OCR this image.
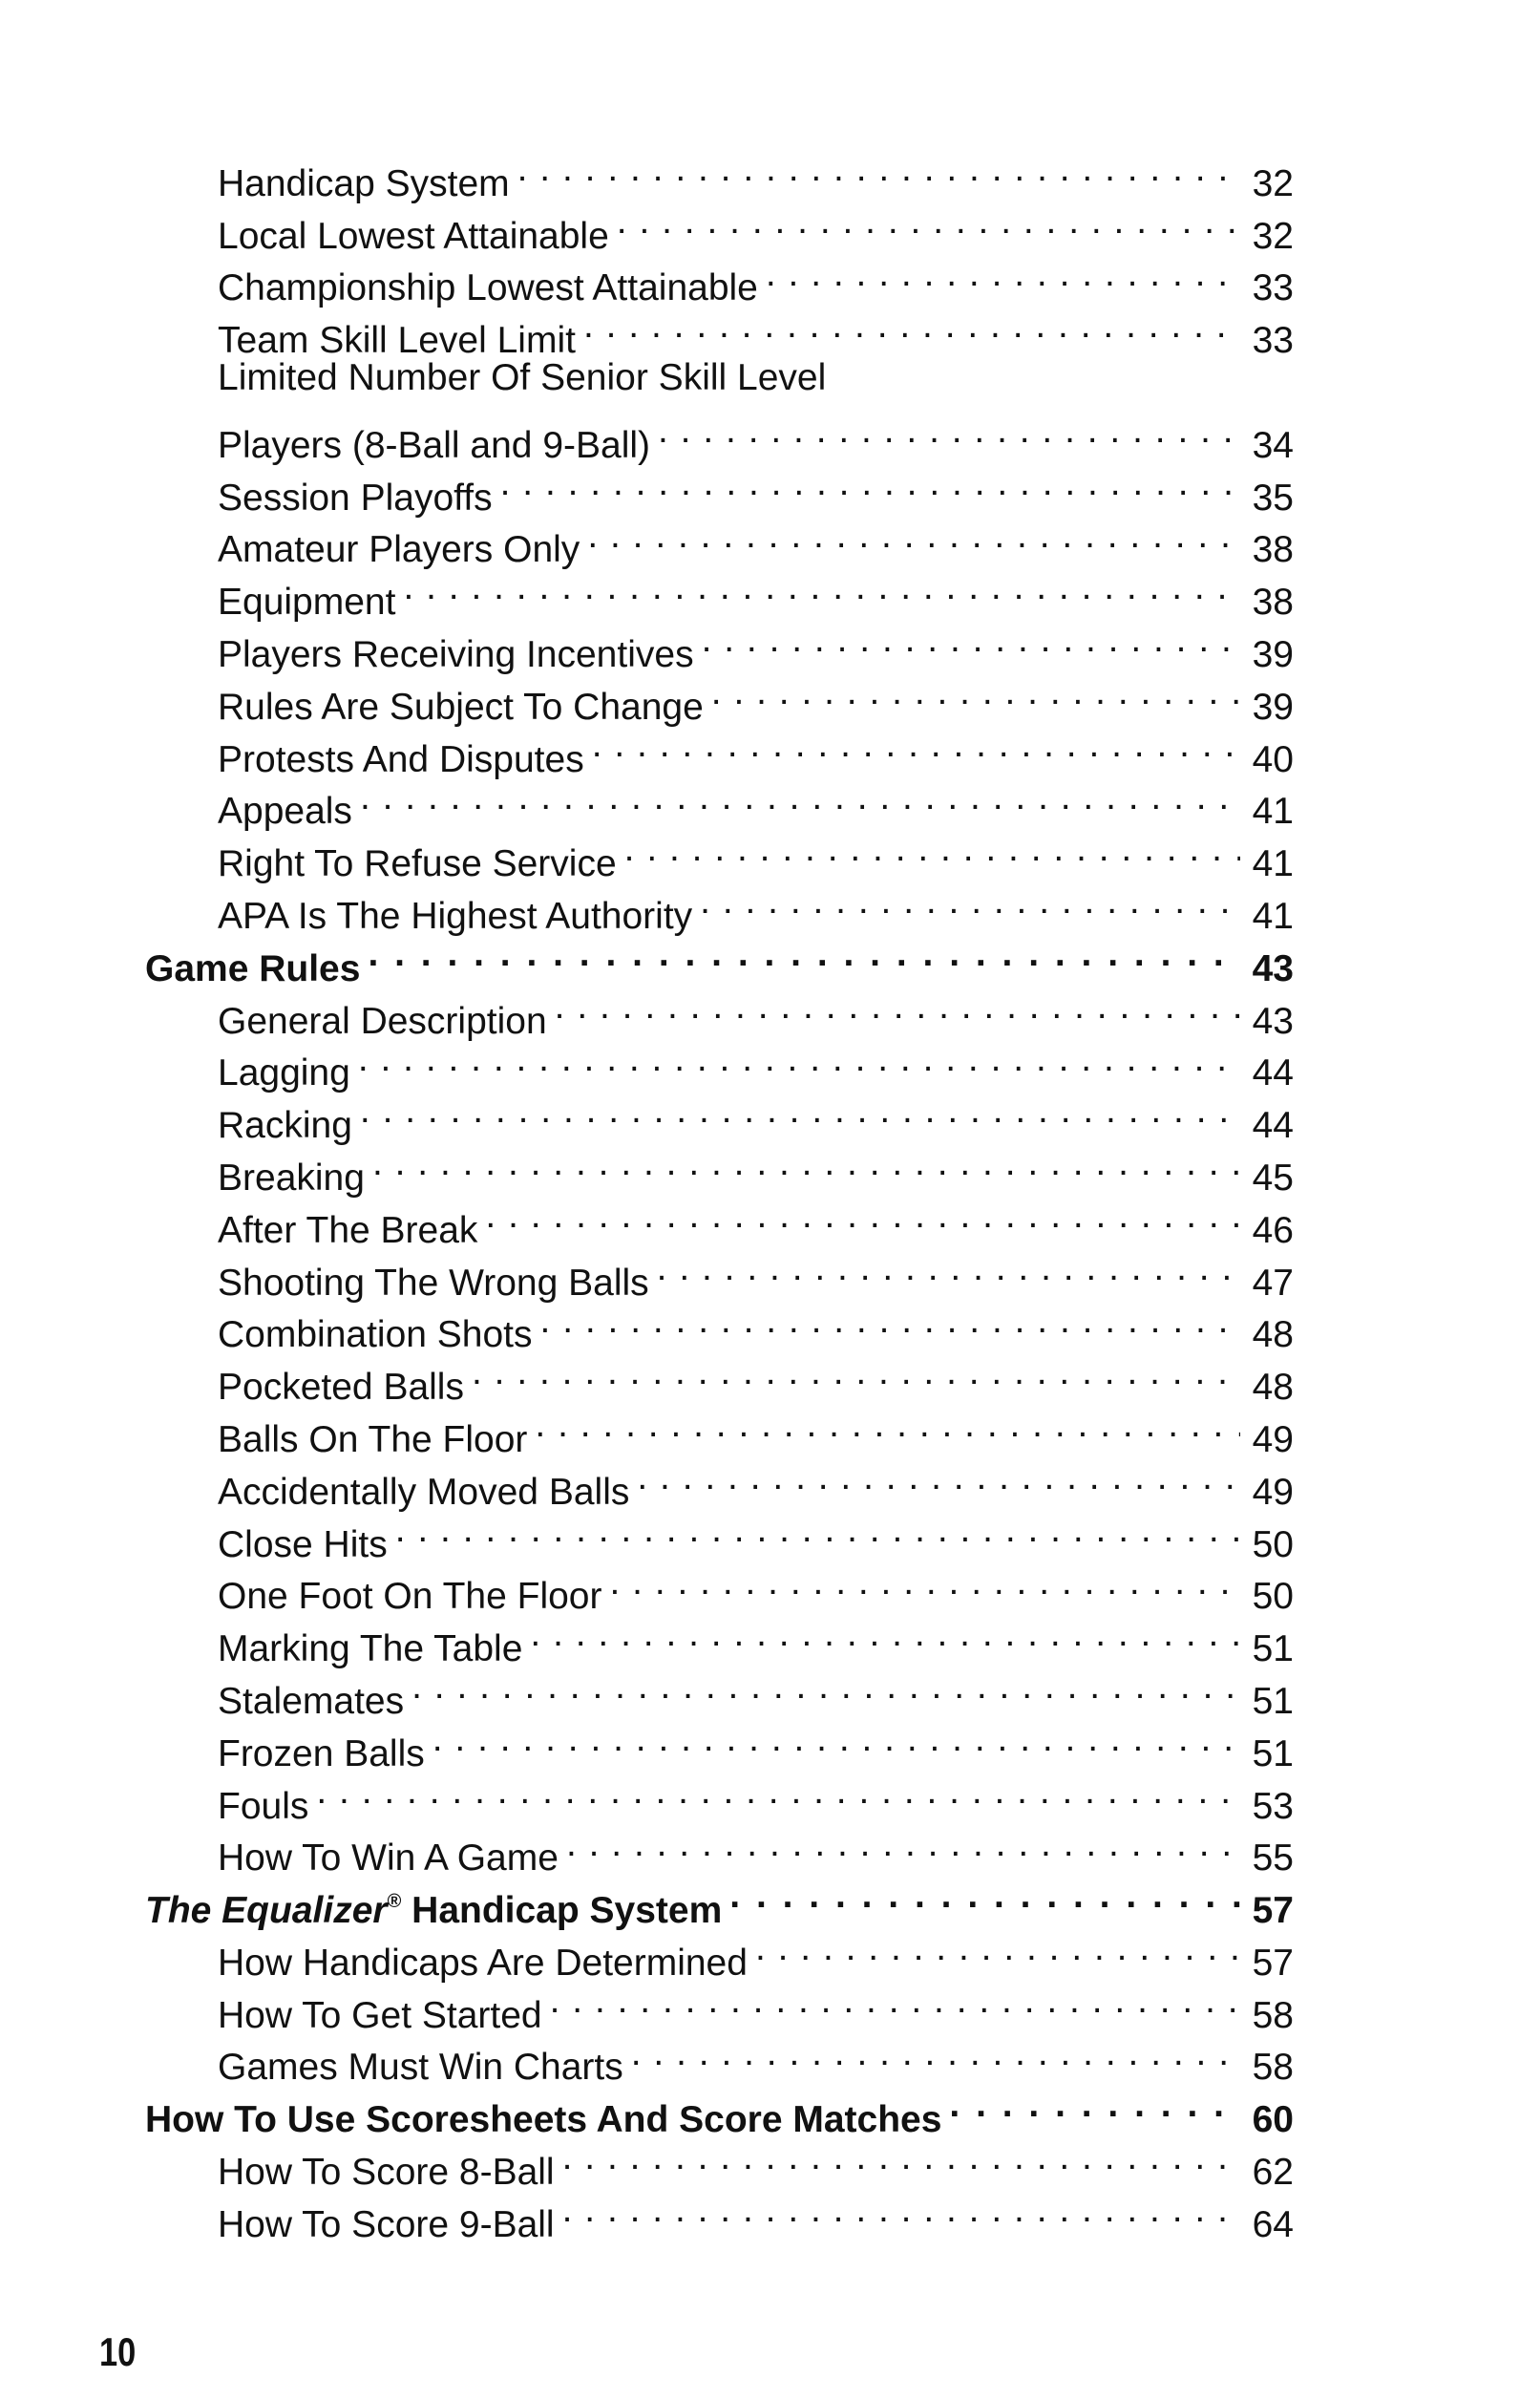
Handicap System . . .	32
Local Lowest Attainable . . .	32
Championship Lowest Attainable . . .	33
Team Skill Level Limit . . .	33
Limited Number Of Senior Skill Level
Players (8-Ball and 9-Ball) . . .	34
Session Playoffs . . .	35
Amateur Players Only . . .	38
Equipment . . .	38
Players Receiving Incentives . . .	39
Rules Are Subject To Change . . .	39
Protests And Disputes . . .	40
Appeals . . .	41
Right To Refuse Service . . .	41
APA Is The Highest Authority . . .	41
Game Rules . . .	43
General Description . . .	43
Lagging . . .	44
Racking . . .	44
Breaking . . .	45
After The Break . . .	46
Shooting The Wrong Balls . . .	47
Combination Shots . . .	48
Pocketed Balls . . .	48
Balls On The Floor . . .	49
Accidentally Moved Balls . . .	49
Close Hits . . .	50
One Foot On The Floor . . .	50
Marking The Table . . .	51
Stalemates . . .	51
Frozen Balls . . .	51
Fouls . . .	53
How To Win A Game . . .	55
The Equalizer® Handicap System . . .	57
How Handicaps Are Determined . . .	57
How To Get Started . . .	58
Games Must Win Charts . . .	58
How To Use Scoresheets And Score Matches . . .	60
How To Score 8-Ball . . .	62
How To Score 9-Ball . . .	64
10
